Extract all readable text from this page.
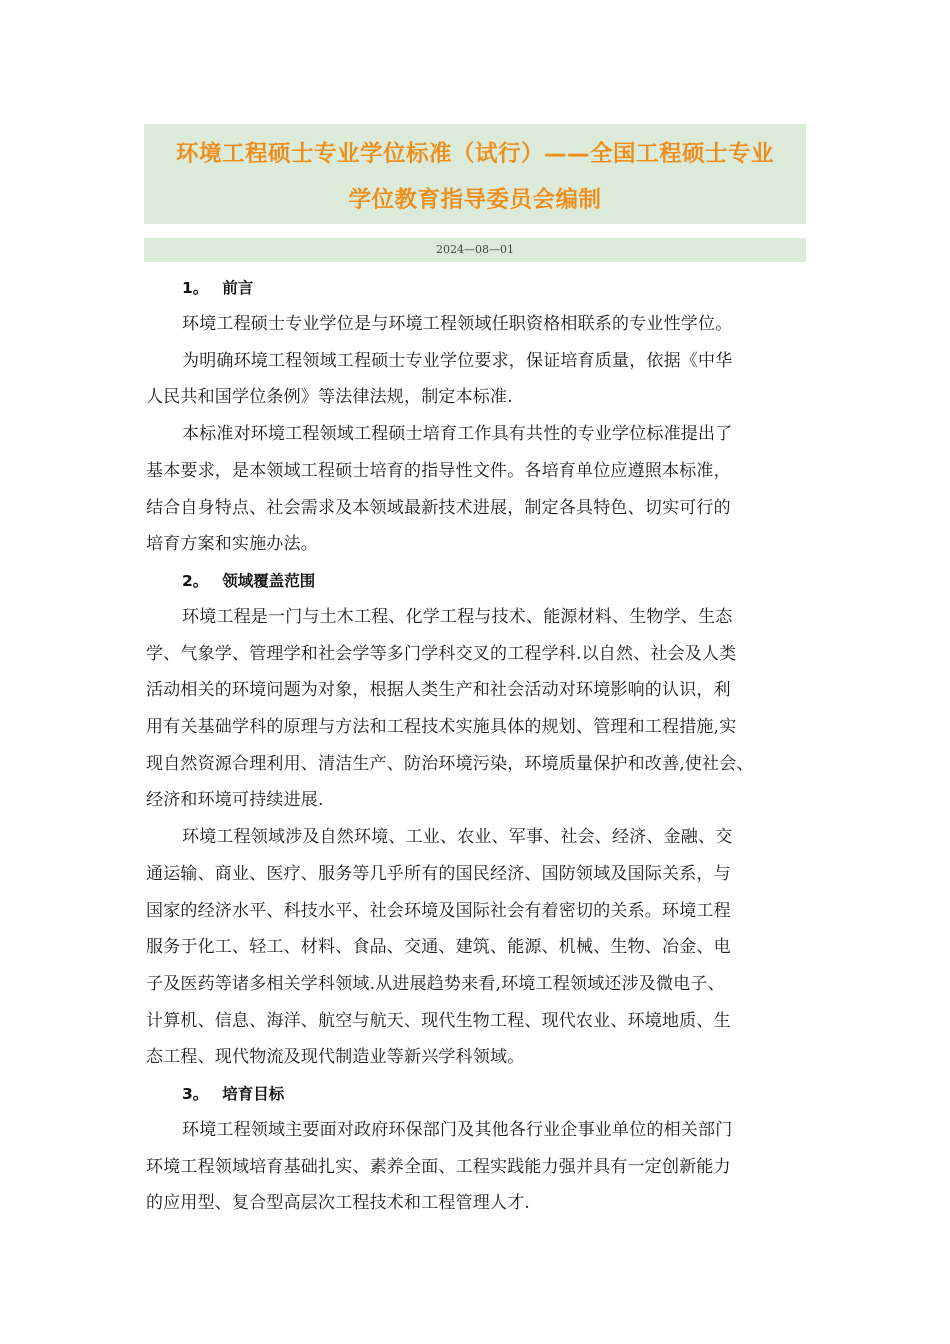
环境工程硕士专业学位标准（试行）——全国工程硕士专业
学位教育指导委员会编制
2024—08—01
1。 前言
环境工程硕士专业学位是与环境工程领域任职资格相联系的专业性学位。
为明确环境工程领域工程硕士专业学位要求，保证培育质量，依据《中华
人民共和国学位条例》等法律法规，制定本标准.
本标准对环境工程领域工程硕士培育工作具有共性的专业学位标准提出了
基本要求，是本领域工程硕士培育的指导性文件。各培育单位应遵照本标准，
结合自身特点、社会需求及本领域最新技术进展，制定各具特色、切实可行的
培育方案和实施办法。
2。 领域覆盖范围
环境工程是一门与土木工程、化学工程与技术、能源材料、生物学、生态
学、气象学、管理学和社会学等多门学科交叉的工程学科.以自然、社会及人类
活动相关的环境问题为对象，根据人类生产和社会活动对环境影响的认识，利
用有关基础学科的原理与方法和工程技术实施具体的规划、管理和工程措施,实
现自然资源合理利用、清洁生产、防治环境污染，环境质量保护和改善,使社会、
经济和环境可持续进展.
环境工程领域涉及自然环境、工业、农业、军事、社会、经济、金融、交
通运输、商业、医疗、服务等几乎所有的国民经济、国防领域及国际关系，与
国家的经济水平、科技水平、社会环境及国际社会有着密切的关系。环境工程
服务于化工、轻工、材料、食品、交通、建筑、能源、机械、生物、冶金、电
子及医药等诸多相关学科领域.从进展趋势来看,环境工程领域还涉及微电子、
计算机、信息、海洋、航空与航天、现代生物工程、现代农业、环境地质、生
态工程、现代物流及现代制造业等新兴学科领域。
3。 培育目标
环境工程领域主要面对政府环保部门及其他各行业企事业单位的相关部门
环境工程领域培育基础扎实、素养全面、工程实践能力强并具有一定创新能力
的应用型、复合型高层次工程技术和工程管理人才.
